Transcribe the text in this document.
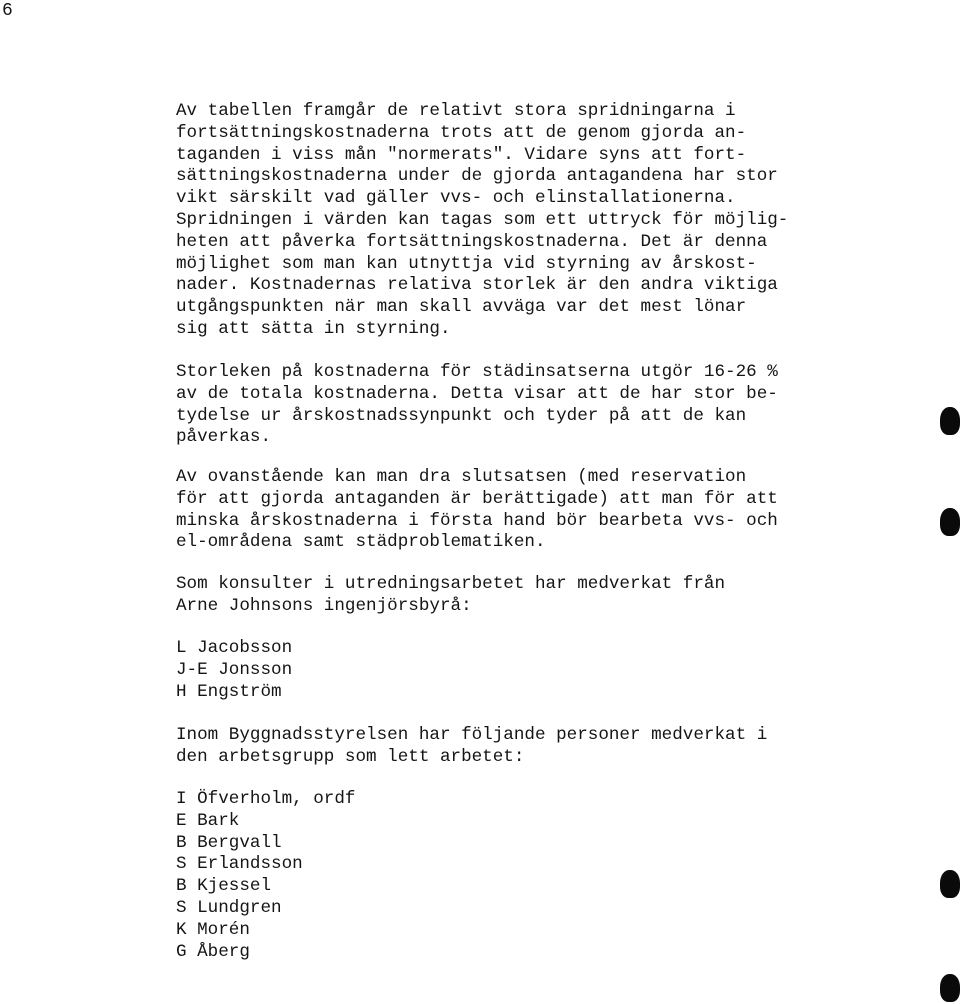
6
Av tabellen framgår de relativt stora spridningarna i
fortsättningskostnaderna trots att de genom gjorda an-
taganden i viss mån "normerats". Vidare syns att fort-
sättningskostnaderna under de gjorda antagandena har stor
vikt särskilt vad gäller vvs- och elinstallationerna.
Spridningen i värden kan tagas som ett uttryck för möjlig-
heten att påverka fortsättningskostnaderna. Det är denna
möjlighet som man kan utnyttja vid styrning av årskost-
nader. Kostnadernas relativa storlek är den andra viktiga
utgångspunkten när man skall avväga var det mest lönar
sig att sätta in styrning.
Storleken på kostnaderna för städinsatserna utgör 16-26 %
av de totala kostnaderna. Detta visar att de har stor be-
tydelse ur årskostnadssynpunkt och tyder på att de kan
påverkas.
Av ovanstående kan man dra slutsatsen (med reservation
för att gjorda antaganden är berättigade) att man för att
minska årskostnaderna i första hand bör bearbeta vvs- och
el-områdena samt städproblematiken.
Som konsulter i utredningsarbetet har medverkat från
Arne Johnsons ingenjörsbyrå:
L Jacobsson
J-E Jonsson
H Engström
Inom Byggnadsstyrelsen har följande personer medverkat i
den arbetsgrupp som lett arbetet:
I Öfverholm, ordf
E Bark
B Bergvall
S Erlandsson
B Kjessel
S Lundgren
K Morén
G Åberg
